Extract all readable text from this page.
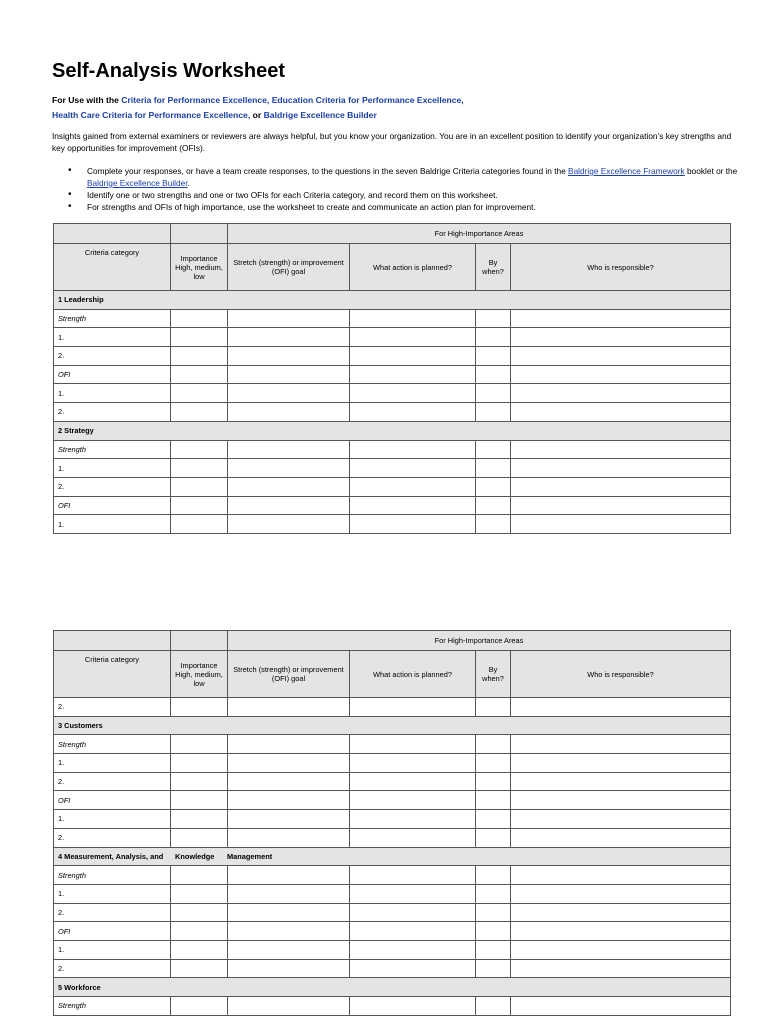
Self-Analysis Worksheet
For Use with the Criteria for Performance Excellence, Education Criteria for Performance Excellence,
Health Care Criteria for Performance Excellence, or Baldrige Excellence Builder
Insights gained from external examiners or reviewers are always helpful, but you know your organization. You are in an excellent position to identify your organization’s key strengths and key opportunities for improvement (OFIs).
• Complete your responses, or have a team create responses, to the questions in the seven Baldrige Criteria categories found in the Baldrige Excellence Framework booklet or the Baldrige Excellence Builder.
• Identify one or two strengths and one or two OFIs for each Criteria category, and record them on this worksheet.
• For strengths and OFIs of high importance, use the worksheet to create and communicate an action plan for improvement.
		For High-Importance Areas			
Criteria category	Importance High, medium, low	Stretch (strength) or improvement (OFI) goal	What action is planned?	By when?	Who is responsible?
1 Leadership					
Strength					
1.					
2.					
OFI					
1.					
2.					
2 Strategy					
Strength					
1.					
2.					
OFI					
1.					
		For High-Importance Areas			
Criteria category	Importance High, medium, low	Stretch (strength) or improvement (OFI) goal	What action is planned?	By when?	Who is responsible?
2.					
3 Customers					
Strength					
1.					
2.					
OFI					
1.					
2.					
4 Measurement, Analysis, and Knowledge Management					
Strength					
1.					
2.					
OFI					
1.					
2.					
5 Workforce					
Strength					
